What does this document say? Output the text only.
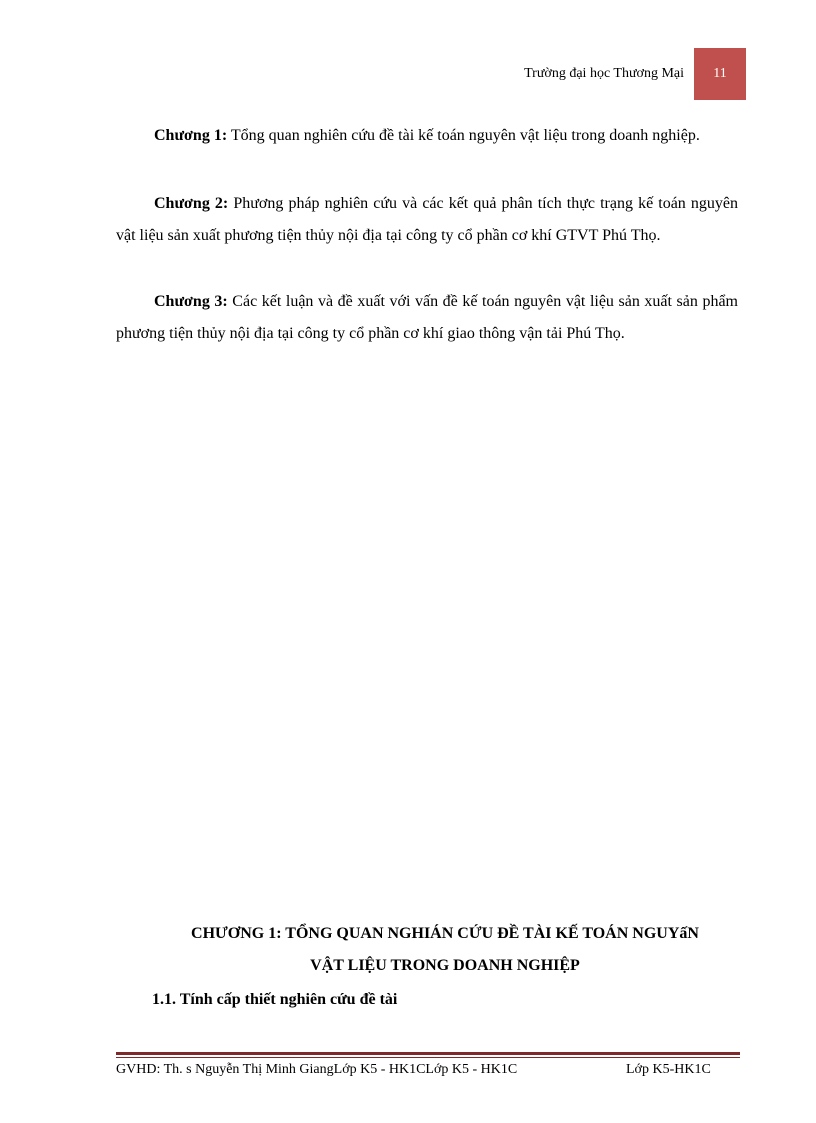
Trường đại học Thương Mại 11

Chương 1: Tổng quan nghiên cứu đề tài kế toán nguyên vật liệu trong doanh nghiệp.

Chương 2: Phương pháp nghiên cứu và các kết quả phân tích thực trạng kế toán nguyên vật liệu sản xuất phương tiện thủy nội địa tại công ty cổ phần cơ khí GTVT Phú Thọ.

Chương 3: Các kết luận và đề xuất với vấn đề kế toán nguyên vật liệu sản xuất sản phẩm phương tiện thủy nội địa tại công ty cổ phần cơ khí giao thông vận tải Phú Thọ.

CHƯƠNG 1: TỔNG QUAN NGHIÁN CỨU ĐỀ TÀI KẾ TOÁN NGUYấN
VẬT LIỆU TRONG DOANH NGHIỆP
1.1. Tính cấp thiết nghiên cứu đề tài
GVHD: Th. s Nguyễn Thị Minh GiangLớp K5 - HK1CLớp K5 - HK1C	Lớp K5-HK1C
